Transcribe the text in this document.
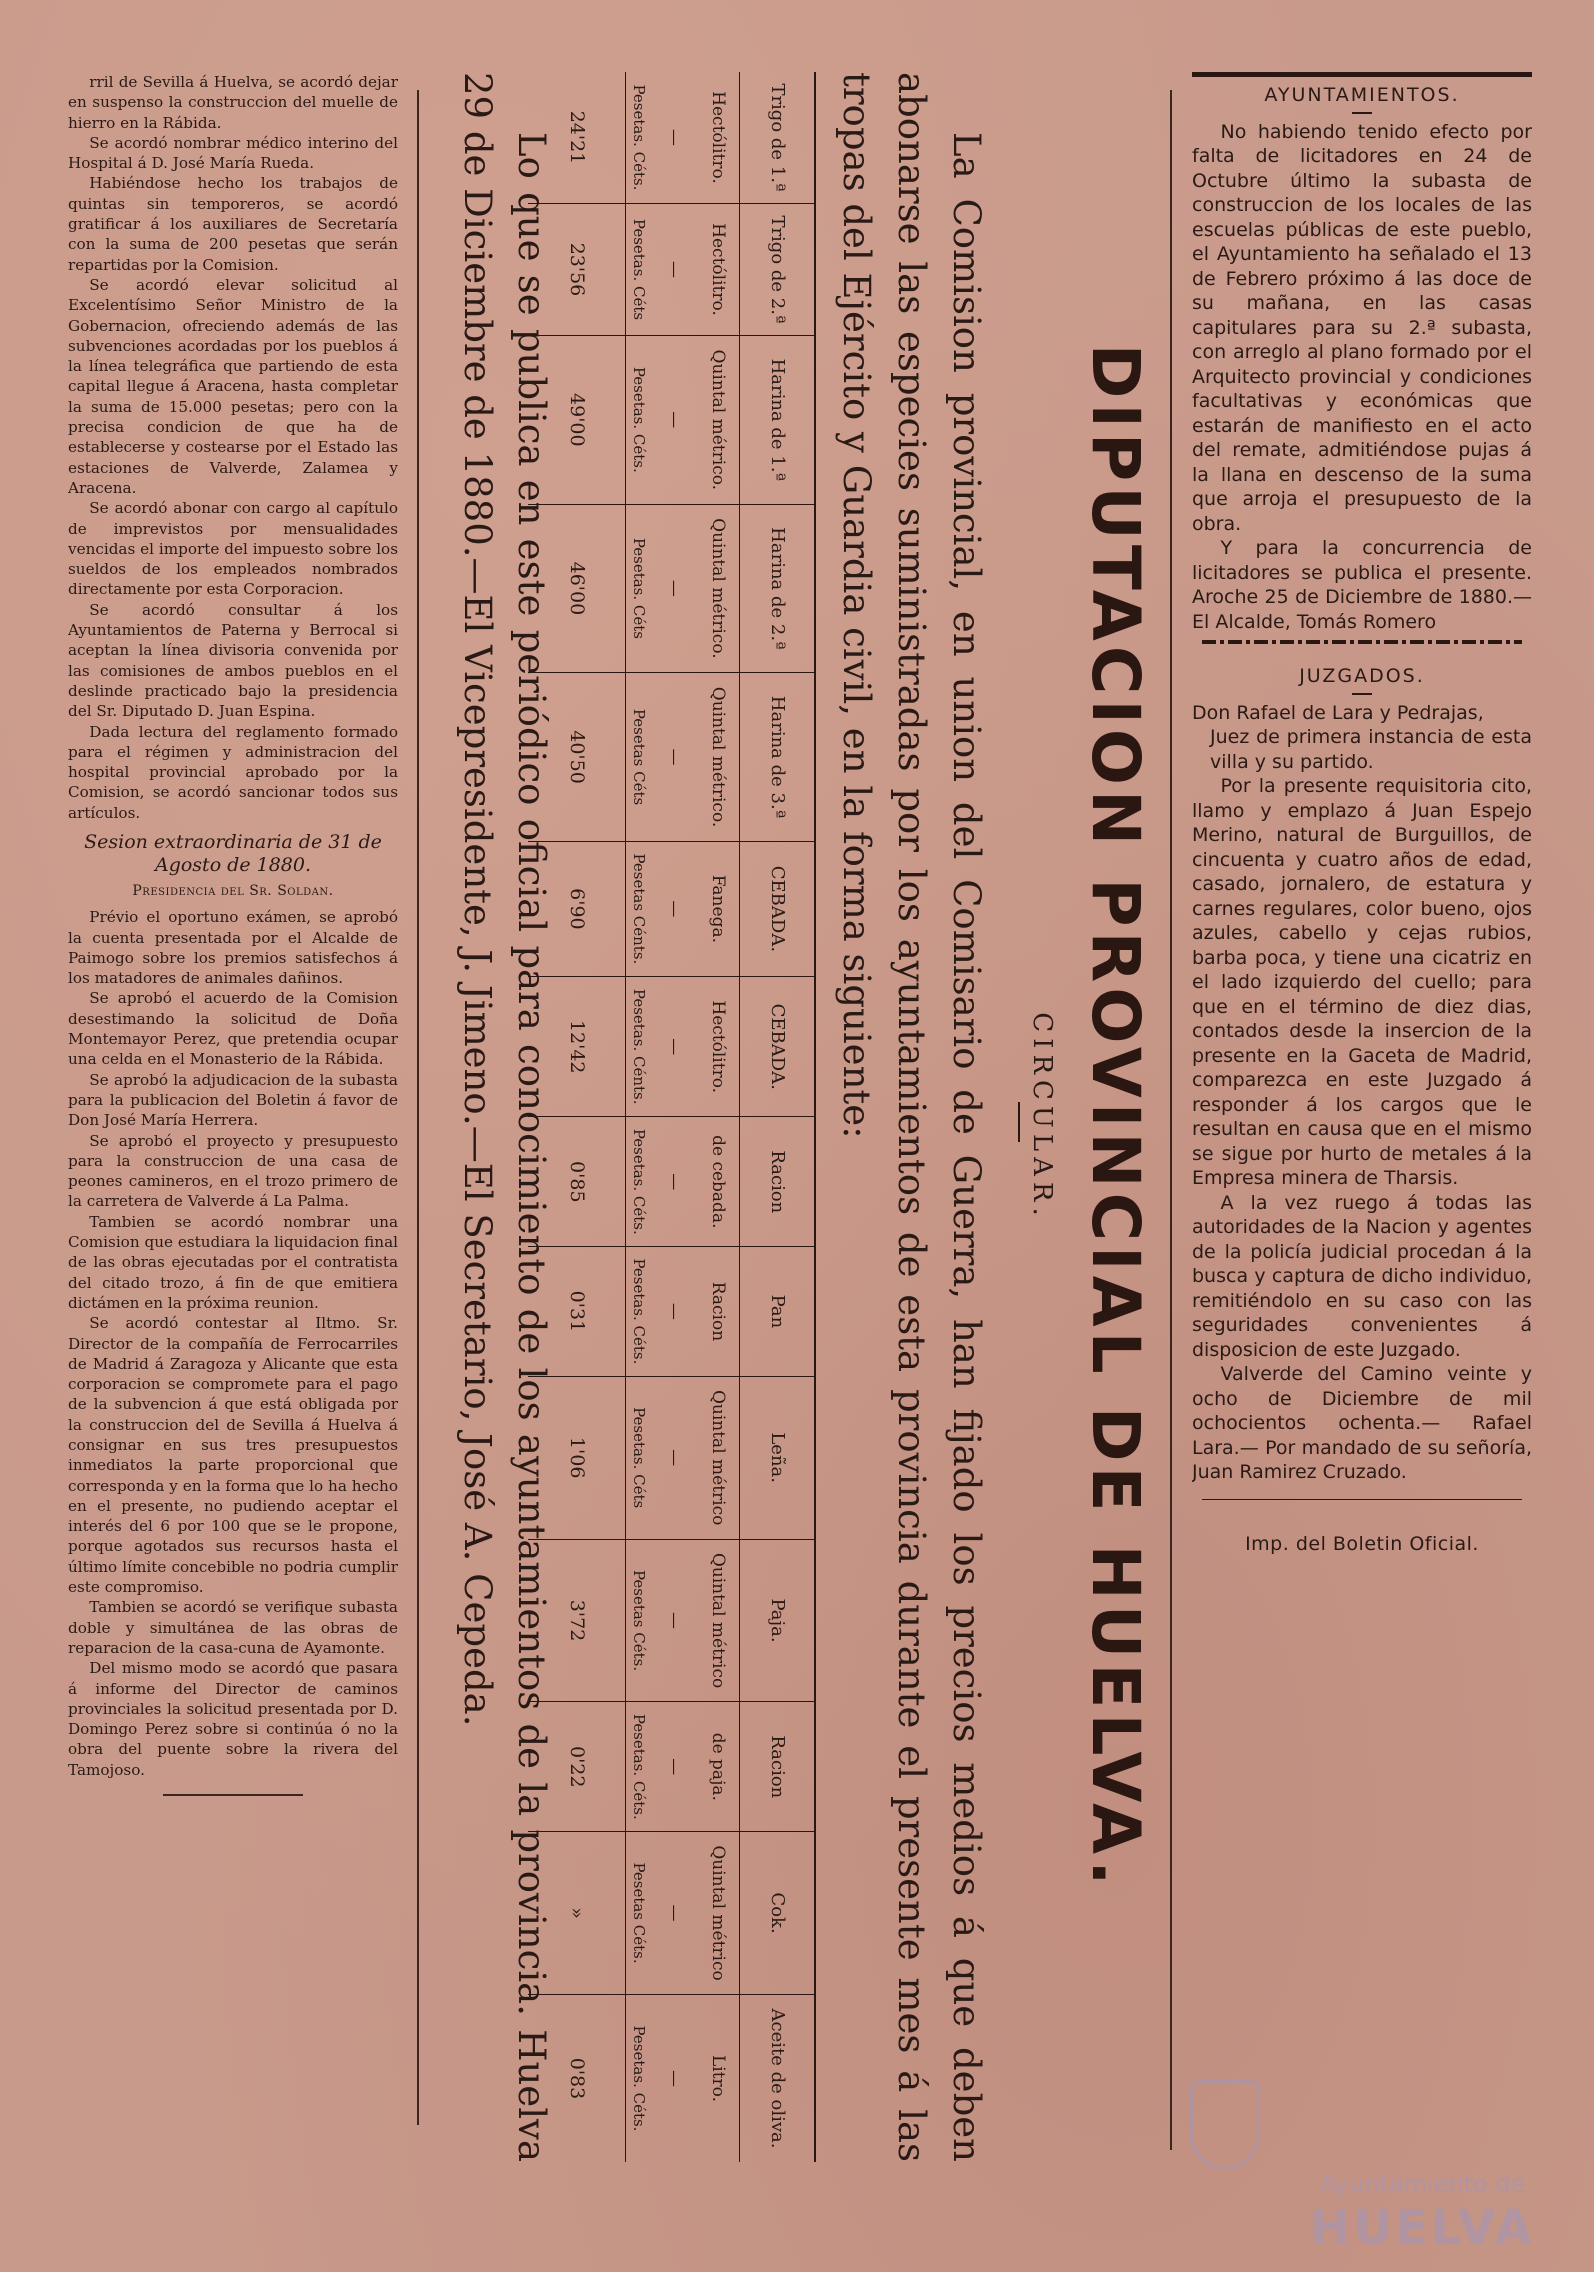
rril de Sevilla á Huelva, se acordó dejar en suspenso la construccion del muelle de hierro en la Rábida.

Se acordó nombrar médico interino del Hospital á D. José María Rueda.

Habiéndose hecho los trabajos de quintas sin temporeros, se acordó gratificar á los auxiliares de Secretaría con la suma de 200 pesetas que serán repartidas por la Comision.

Se acordó elevar solicitud al Excelentísimo Señor Ministro de la Gobernacion, ofreciendo además de las subvenciones acordadas por los pueblos á la línea telegráfica que partiendo de esta capital llegue á Aracena, hasta completar la suma de 15.000 pesetas; pero con la precisa condicion de que ha de establecerse y costearse por el Estado las estaciones de Valverde, Zalamea y Aracena.

Se acordó abonar con cargo al capítulo de imprevistos por mensualidades vencidas el importe del impuesto sobre los sueldos de los empleados nombrados directamente por esta Corporacion.

Se acordó consultar á los Ayuntamientos de Paterna y Berrocal si aceptan la línea divisoria convenida por las comisiones de ambos pueblos en el deslinde practicado bajo la presidencia del Sr. Diputado D. Juan Espina.

Dada lectura del reglamento formado para el régimen y administracion del hospital provincial aprobado por la Comision, se acordó sancionar todos sus artículos.

Sesion extraordinaria de 31 de Agosto de 1880.

Presidencia del Sr. Soldan.

Prévio el oportuno exámen, se aprobó la cuenta presentada por el Alcalde de Paimogo sobre los premios satisfechos á los matadores de animales dañinos.

Se aprobó el acuerdo de la Comision desestimando la solicitud de Doña Montemayor Perez, que pretendia ocupar una celda en el Monasterio de la Rábida.

Se aprobó la adjudicacion de la subasta para la publicacion del Boletin á favor de Don José María Herrera.

Se aprobó el proyecto y presupuesto para la construccion de una casa de peones camineros, en el trozo primero de la carretera de Valverde á La Palma.

Tambien se acordó nombrar una Comision que estudiara la liquidacion final de las obras ejecutadas por el contratista del citado trozo, á fin de que emitiera dictámen en la próxima reunion.

Se acordó contestar al Iltmo. Sr. Director de la compañía de Ferrocarriles de Madrid á Zaragoza y Alicante que esta corporacion se compromete para el pago de la subvencion á que está obligada por la construccion del de Sevilla á Huelva á consignar en sus tres presupuestos inmediatos la parte proporcional que corresponda y en la forma que lo ha hecho en el presente, no pudiendo aceptar el interés del 6 por 100 que se le propone, porque agotados sus recursos hasta el último límite concebible no podria cumplir este compromiso.

Tambien se acordó se verifique subasta doble y simultánea de las obras de reparacion de la casa-cuna de Ayamonte.

Del mismo modo se acordó que pasara á informe del Director de caminos provinciales la solicitud presentada por D. Domingo Perez sobre si continúa ó no la obra del puente sobre la rivera del Tamojoso.	DIPUTACION PROVINCIAL DE HUELVA.
CIRCULAR.
La Comision provincial, en union del Comisario de Guerra, han fijado los precios medios á que deben abonarse las especies suministradas por los ayuntamientos de esta provincia durante el presente mes á las tropas del Ejército y Guardia civil, en la forma siguiente:
Trigo de 1.ª	Trigo de 2.ª	Harina de 1.ª	Harina de 2.ª	Harina de 3.ª	CEBADA.	CEBADA.	Racion	Pan	Leña.	Paja.	Racion	Cok.	Aceite de oliva.
Hectólitro.	Hectólitro.	Quintal métrico.	Quintal métrico.	Quintal métrico.	Fanega.	Hectólitro.	de cebada.	Racion	Quintal métrico	Quintal métrico	de paja.	Quintal métrico	Litro.
—	—	—	—	—	—	—	—	—	—	—	—	—	—
Pesetas. Céts.	Pesetas. Céts	Pesetas. Céts.	Pesetas. Céts	Pesetas Céts	Pesetas Cénts.	Pesetas. Cénts.	Pesetas. Céts.	Pesetas. Céts.	Pesetas. Céts	Pesetas Céts.	Pesetas. Céts.	Pesetas Céts.	Pesetas. Céts.
24'21	23'56	49'00	46'00	40'50	6'90	12'42	0'85	0'31	1'06	3'72	0'22	»	0'83
Lo que se publica en este periódico oficial para conocimiento de los ayuntamientos de la provincia. Huelva 29 de Diciembre de 1880.—El Vicepresidente, J. Jimeno.—El Secretario, José A. Cepeda.	AYUNTAMIENTOS.

No habiendo tenido efecto por falta de licitadores en 24 de Octubre último la subasta de construccion de los locales de las escuelas públicas de este pueblo, el Ayuntamiento ha señalado el 13 de Febrero próximo á las doce de su mañana, en las casas capitulares para su 2.ª subasta, con arreglo al plano formado por el Arquitecto provincial y condiciones facultativas y económicas que estarán de manifiesto en el acto del remate, admitiéndose pujas á la llana en descenso de la suma que arroja el presupuesto de la obra.

Y para la concurrencia de licitadores se publica el presente. Aroche 25 de Diciembre de 1880.—El Alcalde, Tomás Romero

JUZGADOS.

Don Rafael de Lara y Pedrajas,
Juez de primera instancia de esta villa y su partido.

Por la presente requisitoria cito, llamo y emplazo á Juan Espejo Merino, natural de Burguillos, de cincuenta y cuatro años de edad, casado, jornalero, de estatura y carnes regulares, color bueno, ojos azules, cabello y cejas rubios, barba poca, y tiene una cicatriz en el lado izquierdo del cuello; para que en el término de diez dias, contados desde la insercion de la presente en la Gaceta de Madrid, comparezca en este Juzgado á responder á los cargos que le resultan en causa que en el mismo se sigue por hurto de metales á la Empresa minera de Tharsis.

A la vez ruego á todas las autoridades de la Nacion y agentes de la policía judicial procedan á la busca y captura de dicho individuo, remitiéndolo en su caso con las seguridades convenientes á disposicion de este Juzgado.

Valverde del Camino veinte y ocho de Diciembre de mil ochocientos ochenta.— Rafael Lara.— Por mandado de su señoría, Juan Ramirez Cruzado.

Imp. del Boletin Oficial.

Ayuntamiento de
HUELVA
